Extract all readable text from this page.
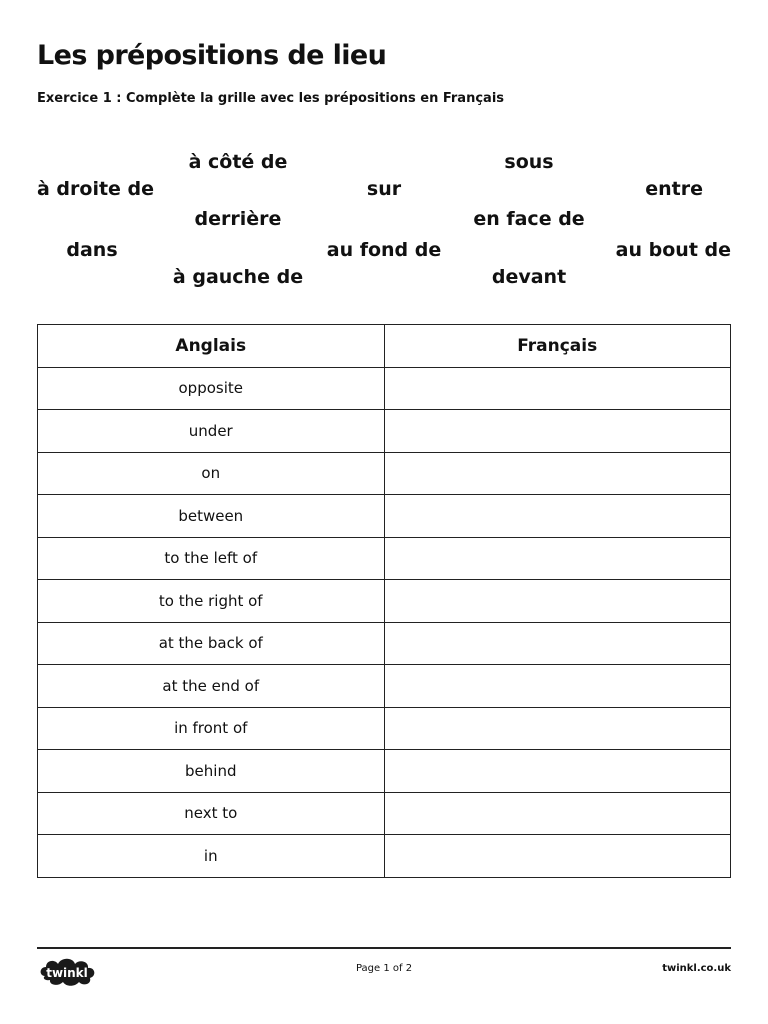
Les prépositions de lieu
Exercice 1 : Complète la grille avec les prépositions en Français
à côté de	sous
à droite de	sur	entre
derrière	en face de
dans	au fond de	au bout de
à gauche de	devant
Anglais	Français
opposite	
under	
on	
between	
to the left of	
to the right of	
at the back of	
at the end of	
in front of	
behind	
next to	
in	
twinkl	Page 1 of 2	twinkl.co.uk
